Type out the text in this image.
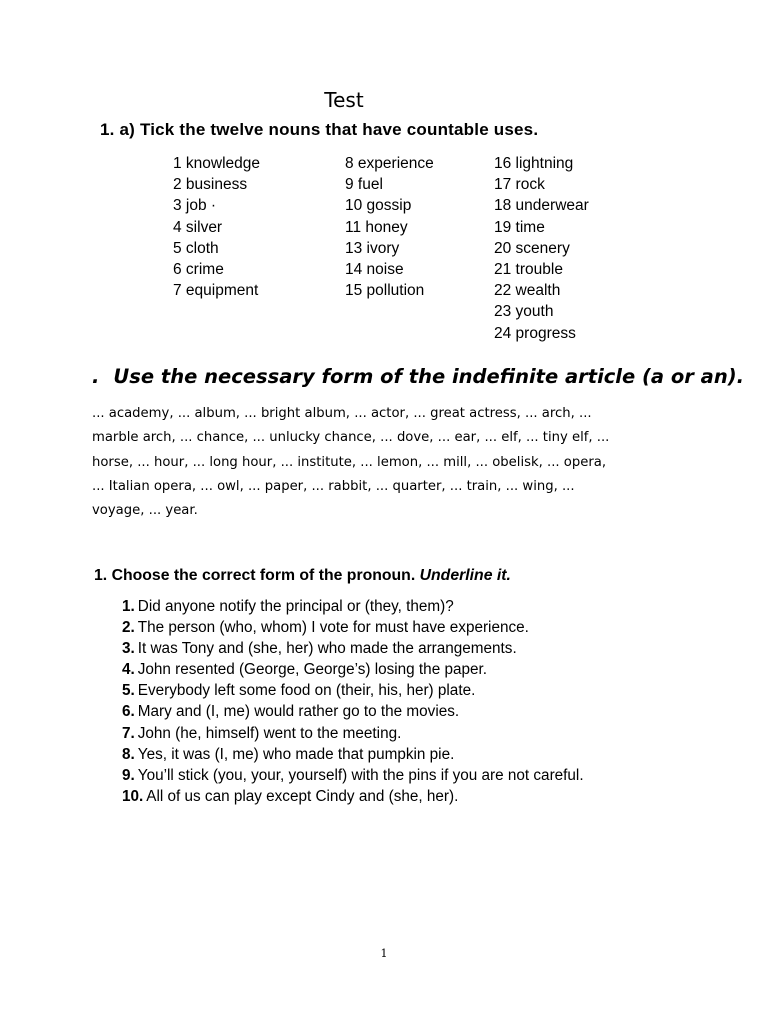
Test
1. a) Tick the twelve nouns that have countable uses.
1 knowledge
2 business
3 job ·
4 silver
5 cloth
6 crime
7 equipment
8 experience
9 fuel
10 gossip
11 honey
13 ivory
14 noise
15 pollution
16 lightning
17 rock
18 underwear
19 time
20 scenery
21 trouble
22 wealth
23 youth
24 progress
. Use the necessary form of the indefinite article (a or an).
... academy, ... album, ... bright album, ... actor, ... great actress, ... arch, ...
marble arch, ... chance, ... unlucky chance, ... dove, ... ear, ... elf, ... tiny elf, ...
horse, ... hour, ... long hour, ... institute, ... lemon, ... mill, ... obelisk, ... opera,
... Italian opera, ... owl, ... paper, ... rabbit, ... quarter, ... train, ... wing, ...
voyage, ... year.
1. Choose the correct form of the pronoun. Underline it.
1. Did anyone notify the principal or (they, them)?
2. The person (who, whom) I vote for must have experience.
3. It was Tony and (she, her) who made the arrangements.
4. John resented (George, George’s) losing the paper.
5. Everybody left some food on (their, his, her) plate.
6. Mary and (I, me) would rather go to the movies.
7. John (he, himself) went to the meeting.
8. Yes, it was (I, me) who made that pumpkin pie.
9. You’ll stick (you, your, yourself) with the pins if you are not careful.
10. All of us can play except Cindy and (she, her).
1
